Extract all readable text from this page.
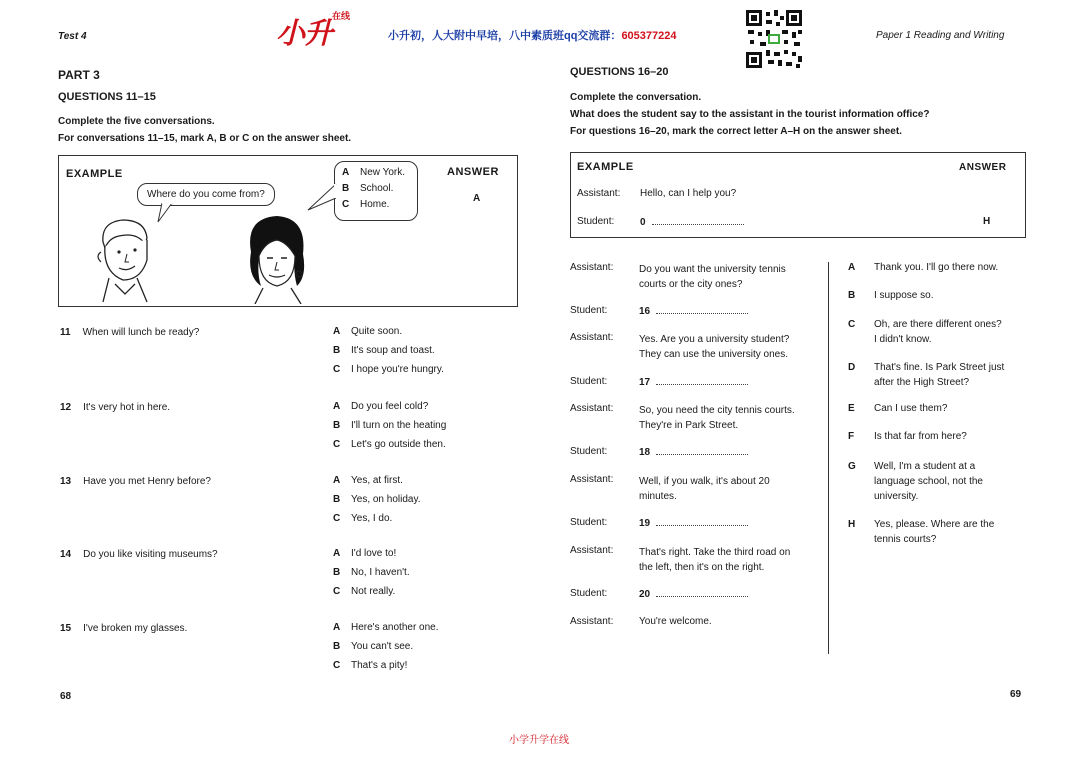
Test 4	小升
在线
小升初，人大附中早培，八中素质班qq交流群：605377224	Paper 1 Reading and Writing
PART 3
QUESTIONS 11–15
Complete the five conversations.
For conversations 11–15, mark A, B or C on the answer sheet.
EXAMPLE	ANSWER
A
Where do you come from?
A New York.
B School.
C Home.
11 When will lunch be ready?	A Quite soon.
B It's soup and toast.
C I hope you're hungry.
12 It's very hot in here.	A Do you feel cold?
B I'll turn on the heating
C Let's go outside then.
13 Have you met Henry before?	A Yes, at first.
B Yes, on holiday.
C Yes, I do.
14 Do you like visiting museums?	A I'd love to!
B No, I haven't.
C Not really.
15 I've broken my glasses.	A Here's another one.
B You can't see.
C That's a pity!
68
QUESTIONS 16–20
Complete the conversation.
What does the student say to the assistant in the tourist information office?
For questions 16–20, mark the correct letter A–H on the answer sheet.
EXAMPLE	ANSWER
Assistant: Hello, can I help you?
Student:	0	H
Assistant:	Do you want the university tennis
courts or the city ones?
Student:	16
Assistant:	Yes. Are you a university student?
They can use the university ones.
Student:	17
Assistant:	So, you need the city tennis courts.
They're in Park Street.
Student:	18
Assistant:	Well, if you walk, it's about 20
minutes.
Student:	19
Assistant:	That's right. Take the third road on
the left, then it's on the right.
Student:	20
Assistant:	You're welcome.
A Thank you. I'll go there now.
B I suppose so.
C Oh, are there different ones?
I didn't know.
D That's fine. Is Park Street just
after the High Street?
E Can I use them?
F Is that far from here?
G Well, I'm a student at a
language school, not the
university.
H Yes, please. Where are the
tennis courts?
69
小学升学在线
